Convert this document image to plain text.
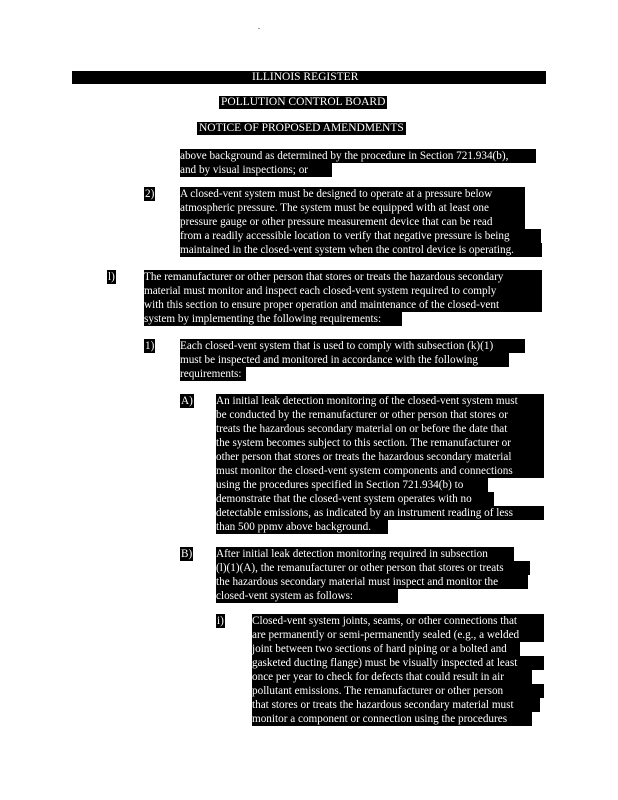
ILLINOIS REGISTER
POLLUTION CONTROL BOARD
NOTICE OF PROPOSED AMENDMENTS
above background as determined by the procedure in Section 721.934(b),
and by visual inspections; or
2) A closed-vent system must be designed to operate at a pressure below
atmospheric pressure. The system must be equipped with at least one
pressure gauge or other pressure measurement device that can be read
from a readily accessible location to verify that negative pressure is being
maintained in the closed-vent system when the control device is operating.
l)	The remanufacturer or other person that stores or treats the hazardous secondary
material must monitor and inspect each closed-vent system required to comply
with this section to ensure proper operation and maintenance of the closed-vent
system by implementing the following requirements:
1) Each closed-vent system that is used to comply with subsection (k)(1)
must be inspected and monitored in accordance with the following
requirements:
A) An initial leak detection monitoring of the closed-vent system must
be conducted by the remanufacturer or other person that stores or
treats the hazardous secondary material on or before the date that
the system becomes subject to this section. The remanufacturer or
other person that stores or treats the hazardous secondary material
must monitor the closed-vent system components and connections
using the procedures specified in Section 721.934(b) to
demonstrate that the closed-vent system operates with no
detectable emissions, as indicated by an instrument reading of less
than 500 ppmv above background.
B) After initial leak detection monitoring required in subsection
(l)(1)(A), the remanufacturer or other person that stores or treats
the hazardous secondary material must inspect and monitor the
closed-vent system as follows:
i)	Closed-vent system joints, seams, or other connections that
are permanently or semi-permanently sealed (e.g., a welded
joint between two sections of hard piping or a bolted and
gasketed ducting flange) must be visually inspected at least
once per year to check for defects that could result in air
pollutant emissions. The remanufacturer or other person
that stores or treats the hazardous secondary material must
monitor a component or connection using the procedures
